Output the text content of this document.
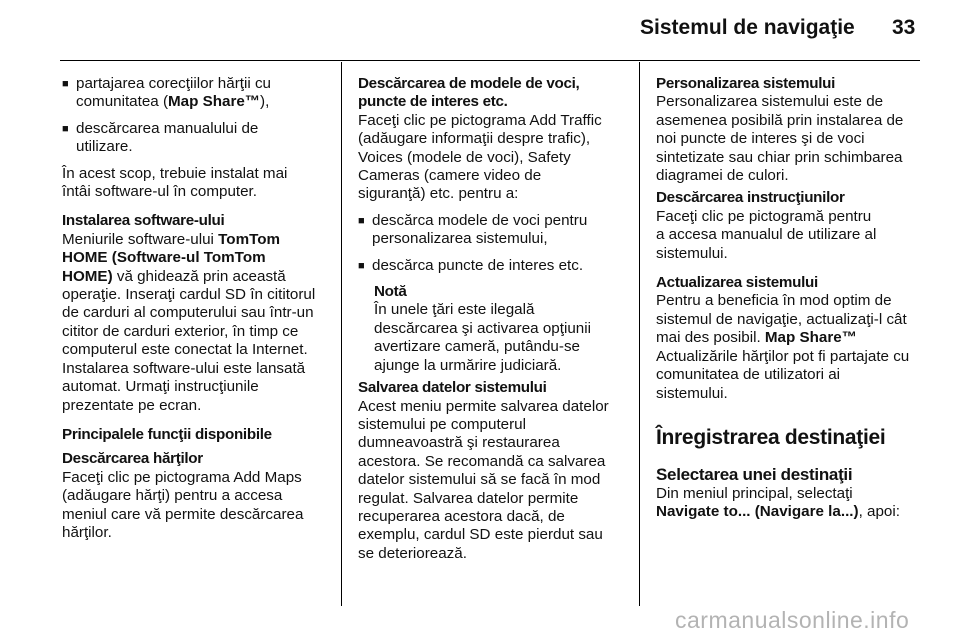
Sistemul de navigaţie 33
■ partajarea corecţiilor hărţii cu

comunitatea (Map Share™),

■ descărcarea manualului de

utilizare.

În acest scop, trebuie instalat mai

întâi software-ul în computer.

Instalarea software-ului

Meniurile software-ului TomTom

HOME (Software-ul TomTom

HOME) vă ghidează prin această

operaţie. Inseraţi cardul SD în cititorul

de carduri al computerului sau într-un

cititor de carduri exterior, în timp ce

computerul este conectat la Internet.

Instalarea software-ului este lansată

automat. Urmaţi instrucţiunile

prezentate pe ecran.

Principalele funcţii disponibile

Descărcarea hărţilor

Faceţi clic pe pictograma Add Maps

(adăugare hărţi) pentru a accesa

meniul care vă permite descărcarea

hărţilor.

Descărcarea de modele de voci,

puncte de interes etc.

Faceţi clic pe pictograma Add Traffic

(adăugare informaţii despre trafic),

Voices (modele de voci), Safety

Cameras (camere video de

siguranţă) etc. pentru a:

■ descărca modele de voci pentru

personalizarea sistemului,

■ descărca puncte de interes etc.

Notă

În unele ţări este ilegală

descărcarea şi activarea opţiunii

avertizare cameră, putându-se

ajunge la urmărire judiciară.

Salvarea datelor sistemului

Acest meniu permite salvarea datelor

sistemului pe computerul

dumneavoastră şi restaurarea

acestora. Se recomandă ca salvarea

datelor sistemului să se facă în mod

regulat. Salvarea datelor permite

recuperarea acestora dacă, de

exemplu, cardul SD este pierdut sau

se deteriorează.

Personalizarea sistemului

Personalizarea sistemului este de

asemenea posibilă prin instalarea de

noi puncte de interes şi de voci

sintetizate sau chiar prin schimbarea

diagramei de culori.

Descărcarea instrucţiunilor

Faceţi clic pe pictogramă pentru

a accesa manualul de utilizare al

sistemului.

Actualizarea sistemului

Pentru a beneficia în mod optim de

sistemul de navigaţie, actualizaţi-l cât

mai des posibil. Map Share™

Actualizările hărţilor pot fi partajate cu

comunitatea de utilizatori ai

sistemului.

Înregistrarea destinaţiei

Selectarea unei destinaţii

Din meniul principal, selectaţi

Navigate to... (Navigare la...), apoi:

carmanualsonline.info
